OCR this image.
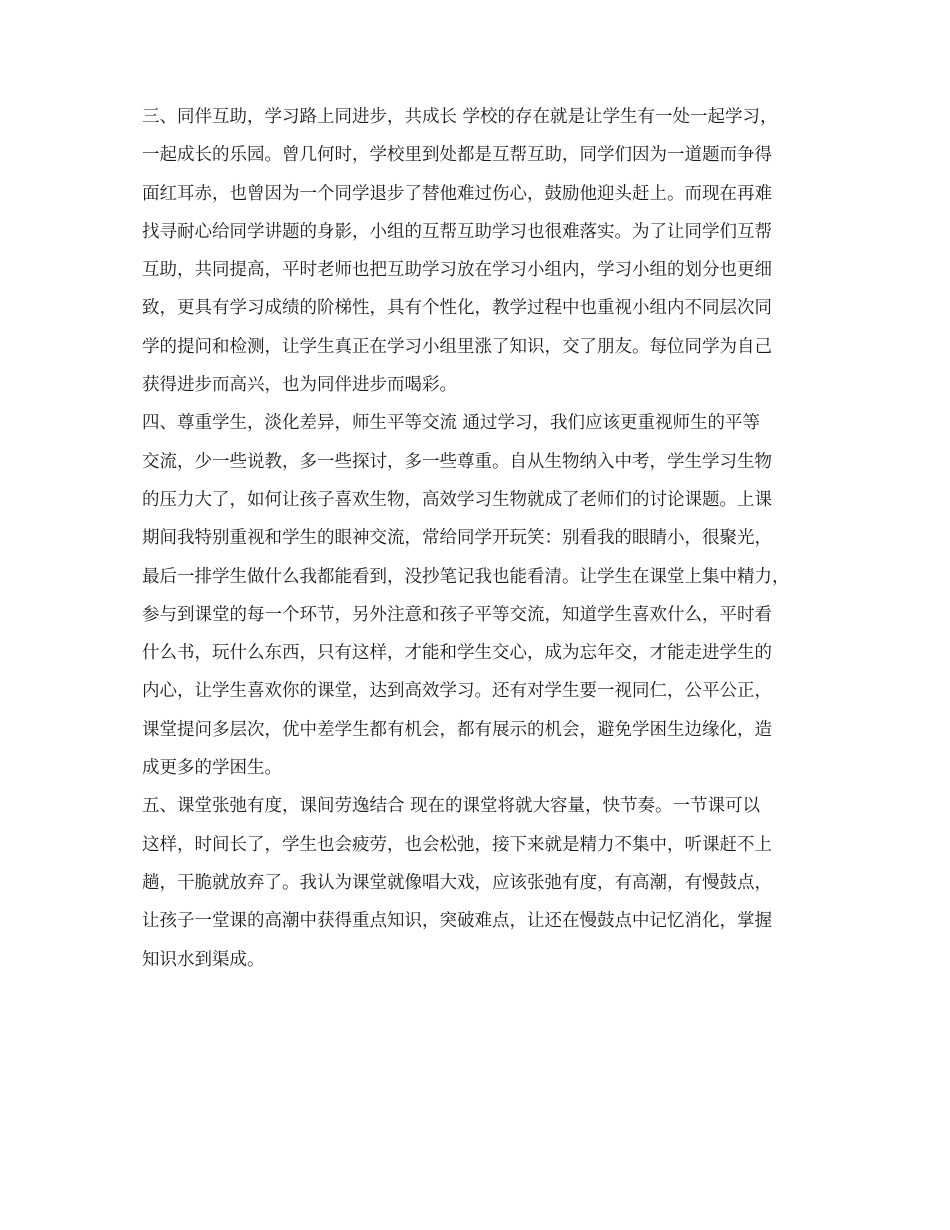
三、同伴互助，学习路上同进步，共成长 学校的存在就是让学生有一处一起学习，
一起成长的乐园。曾几何时，学校里到处都是互帮互助，同学们因为一道题而争得
面红耳赤，也曾因为一个同学退步了替他难过伤心，鼓励他迎头赶上。而现在再难
找寻耐心给同学讲题的身影，小组的互帮互助学习也很难落实。为了让同学们互帮
互助，共同提高，平时老师也把互助学习放在学习小组内，学习小组的划分也更细
致，更具有学习成绩的阶梯性，具有个性化，教学过程中也重视小组内不同层次同
学的提问和检测，让学生真正在学习小组里涨了知识，交了朋友。每位同学为自己
获得进步而高兴，也为同伴进步而喝彩。

四、尊重学生，淡化差异，师生平等交流 通过学习，我们应该更重视师生的平等
交流，少一些说教，多一些探讨，多一些尊重。自从生物纳入中考，学生学习生物
的压力大了，如何让孩子喜欢生物，高效学习生物就成了老师们的讨论课题。上课
期间我特别重视和学生的眼神交流，常给同学开玩笑：别看我的眼睛小，很聚光，
最后一排学生做什么我都能看到，没抄笔记我也能看清。让学生在课堂上集中精力，
参与到课堂的每一个环节，另外注意和孩子平等交流，知道学生喜欢什么，平时看
什么书，玩什么东西，只有这样，才能和学生交心，成为忘年交，才能走进学生的
内心，让学生喜欢你的课堂，达到高效学习。还有对学生要一视同仁，公平公正，
课堂提问多层次，优中差学生都有机会，都有展示的机会，避免学困生边缘化，造
成更多的学困生。

五、课堂张弛有度，课间劳逸结合 现在的课堂将就大容量，快节奏。一节课可以
这样，时间长了，学生也会疲劳，也会松弛，接下来就是精力不集中，听课赶不上
趟，干脆就放弃了。我认为课堂就像唱大戏，应该张弛有度，有高潮，有慢鼓点，
让孩子一堂课的高潮中获得重点知识，突破难点，让还在慢鼓点中记忆消化，掌握
知识水到渠成。
